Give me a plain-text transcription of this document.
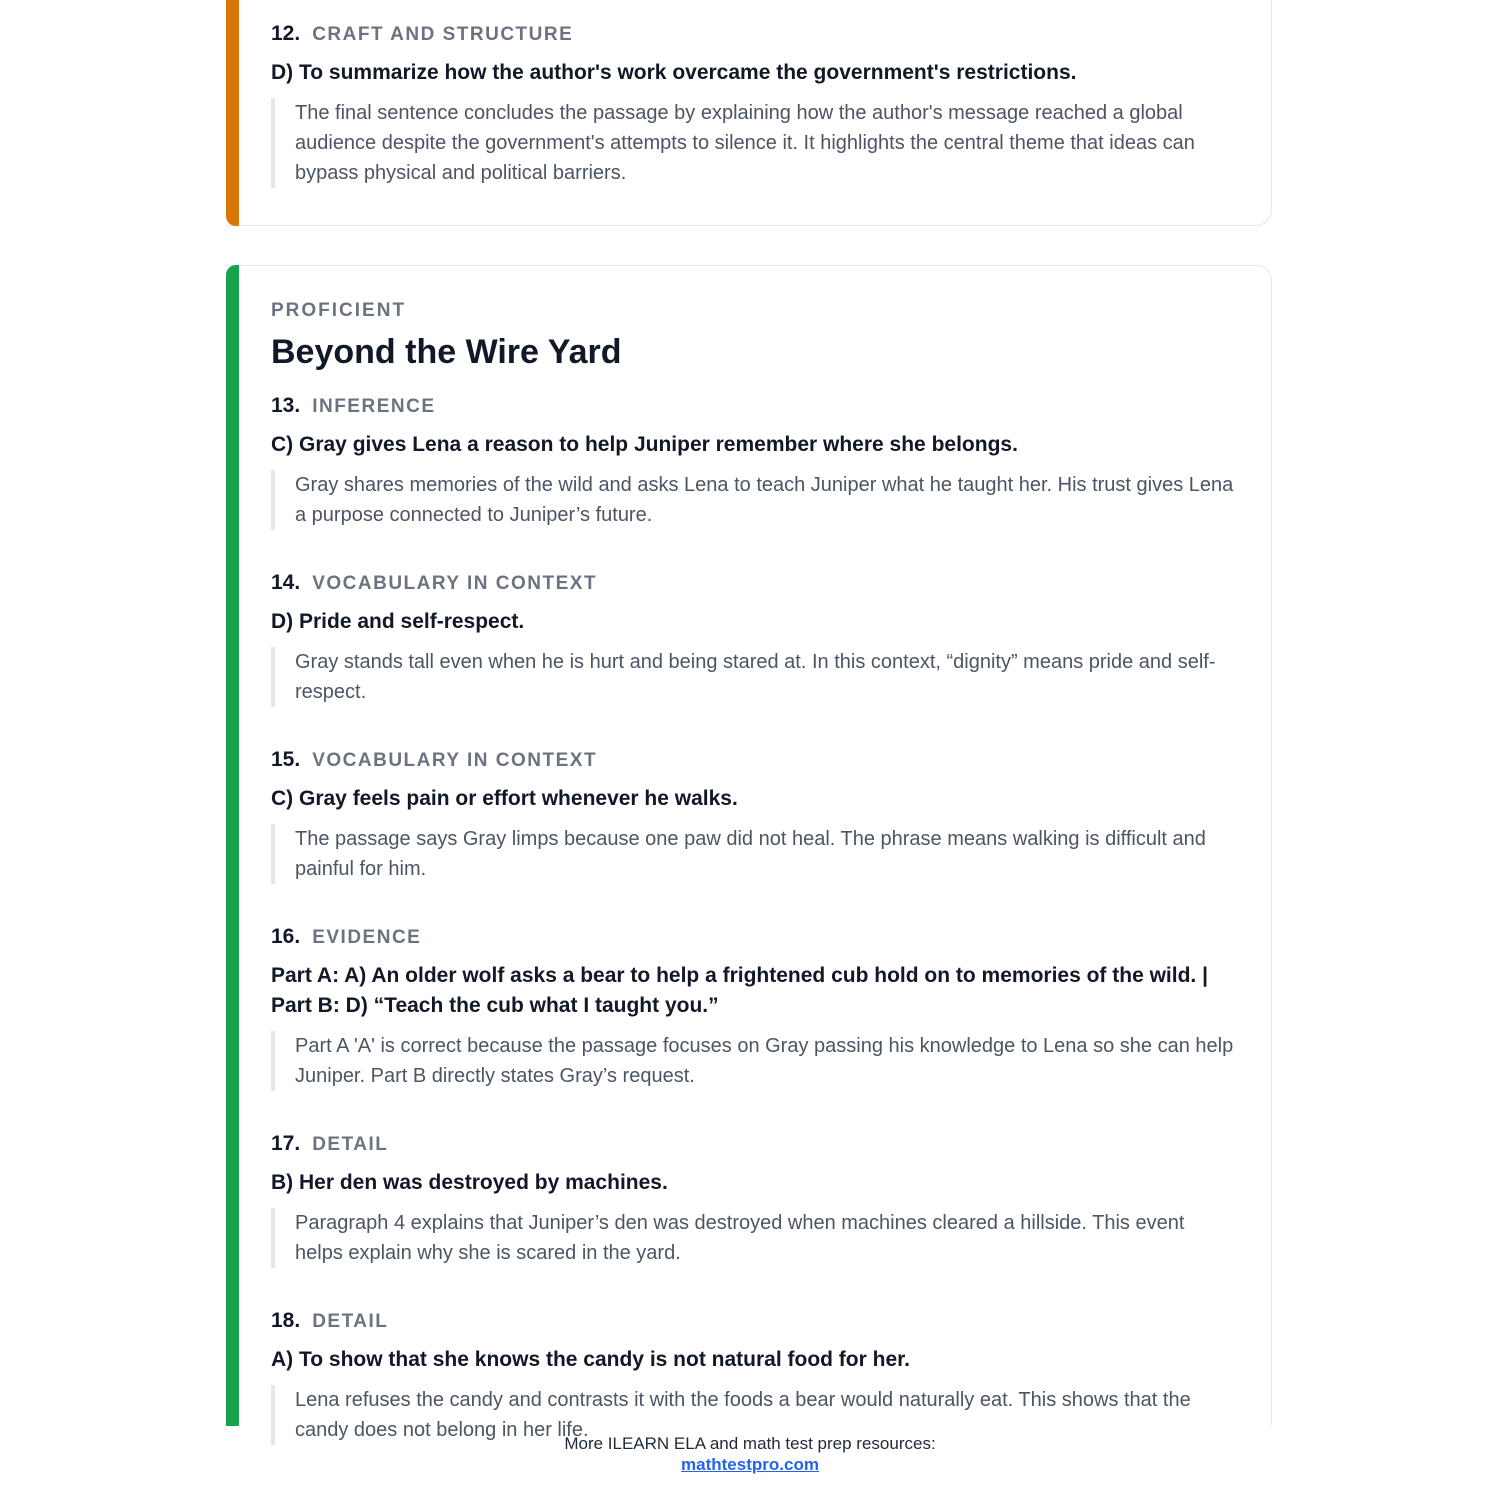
12. CRAFT AND STRUCTURE

D) To summarize how the author's work overcame the government's restrictions.

The final sentence concludes the passage by explaining how the author's message reached a global audience despite the government's attempts to silence it. It highlights the central theme that ideas can bypass physical and political barriers.

PROFICIENT
Beyond the Wire Yard
13. INFERENCE

C) Gray gives Lena a reason to help Juniper remember where she belongs.

Gray shares memories of the wild and asks Lena to teach Juniper what he taught her. His trust gives Lena a purpose connected to Juniper’s future.

14. VOCABULARY IN CONTEXT

D) Pride and self-respect.

Gray stands tall even when he is hurt and being stared at. In this context, “dignity” means pride and self-respect.

15. VOCABULARY IN CONTEXT

C) Gray feels pain or effort whenever he walks.

The passage says Gray limps because one paw did not heal. The phrase means walking is difficult and painful for him.

16. EVIDENCE

Part A: A) An older wolf asks a bear to help a frightened cub hold on to memories of the wild. | Part B: D) “Teach the cub what I taught you.”

Part A 'A' is correct because the passage focuses on Gray passing his knowledge to Lena so she can help Juniper. Part B directly states Gray’s request.

17. DETAIL

B) Her den was destroyed by machines.

Paragraph 4 explains that Juniper’s den was destroyed when machines cleared a hillside. This event helps explain why she is scared in the yard.

18. DETAIL

A) To show that she knows the candy is not natural food for her.

Lena refuses the candy and contrasts it with the foods a bear would naturally eat. This shows that the candy does not belong in her life.

More ILEARN ELA and math test prep resources:
mathtestpro.com
